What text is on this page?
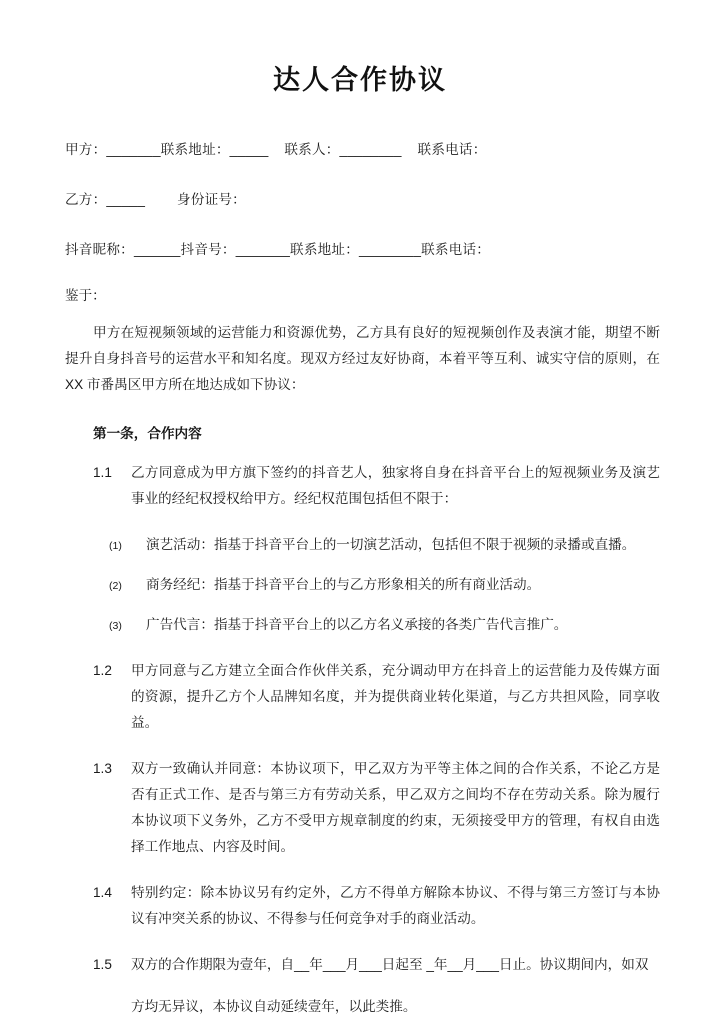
达人合作协议

甲方：_______联系地址：_____    联系人：________    联系电话：

乙方：_____        身份证号：

抖音昵称：______抖音号：_______联系地址：________联系电话：

鉴于：

甲方在短视频领域的运营能力和资源优势，乙方具有良好的短视频创作及表演才能，期望不断提升自身抖音号的运营水平和知名度。现双方经过友好协商，本着平等互利、诚实守信的原则，在 XX 市番禺区甲方所在地达成如下协议：

第一条，合作内容
1.1	乙方同意成为甲方旗下签约的抖音艺人，独家将自身在抖音平台上的短视频业务及演艺事业的经纪权授权给甲方。经纪权范围包括但不限于：
(1) 演艺活动：指基于抖音平台上的一切演艺活动，包括但不限于视频的录播或直播。
(2) 商务经纪：指基于抖音平台上的与乙方形象相关的所有商业活动。
(3) 广告代言：指基于抖音平台上的以乙方名义承接的各类广告代言推广。
1.2	甲方同意与乙方建立全面合作伙伴关系，充分调动甲方在抖音上的运营能力及传媒方面的资源，提升乙方个人品牌知名度，并为提供商业转化渠道，与乙方共担风险，同享收益。
1.3	双方一致确认并同意：本协议项下，甲乙双方为平等主体之间的合作关系，不论乙方是否有正式工作、是否与第三方有劳动关系，甲乙双方之间均不存在劳动关系。除为履行本协议项下义务外，乙方不受甲方规章制度的约束，无须接受甲方的管理，有权自由选择工作地点、内容及时间。
1.4	特别约定：除本协议另有约定外，乙方不得单方解除本协议、不得与第三方签订与本协议有冲突关系的协议、不得参与任何竞争对手的商业活动。
1.5	双方的合作期限为壹年，自__年___月___日起至 _年__月___日止。协议期间内，如双

方均无异议，本协议自动延续壹年，以此类推。
